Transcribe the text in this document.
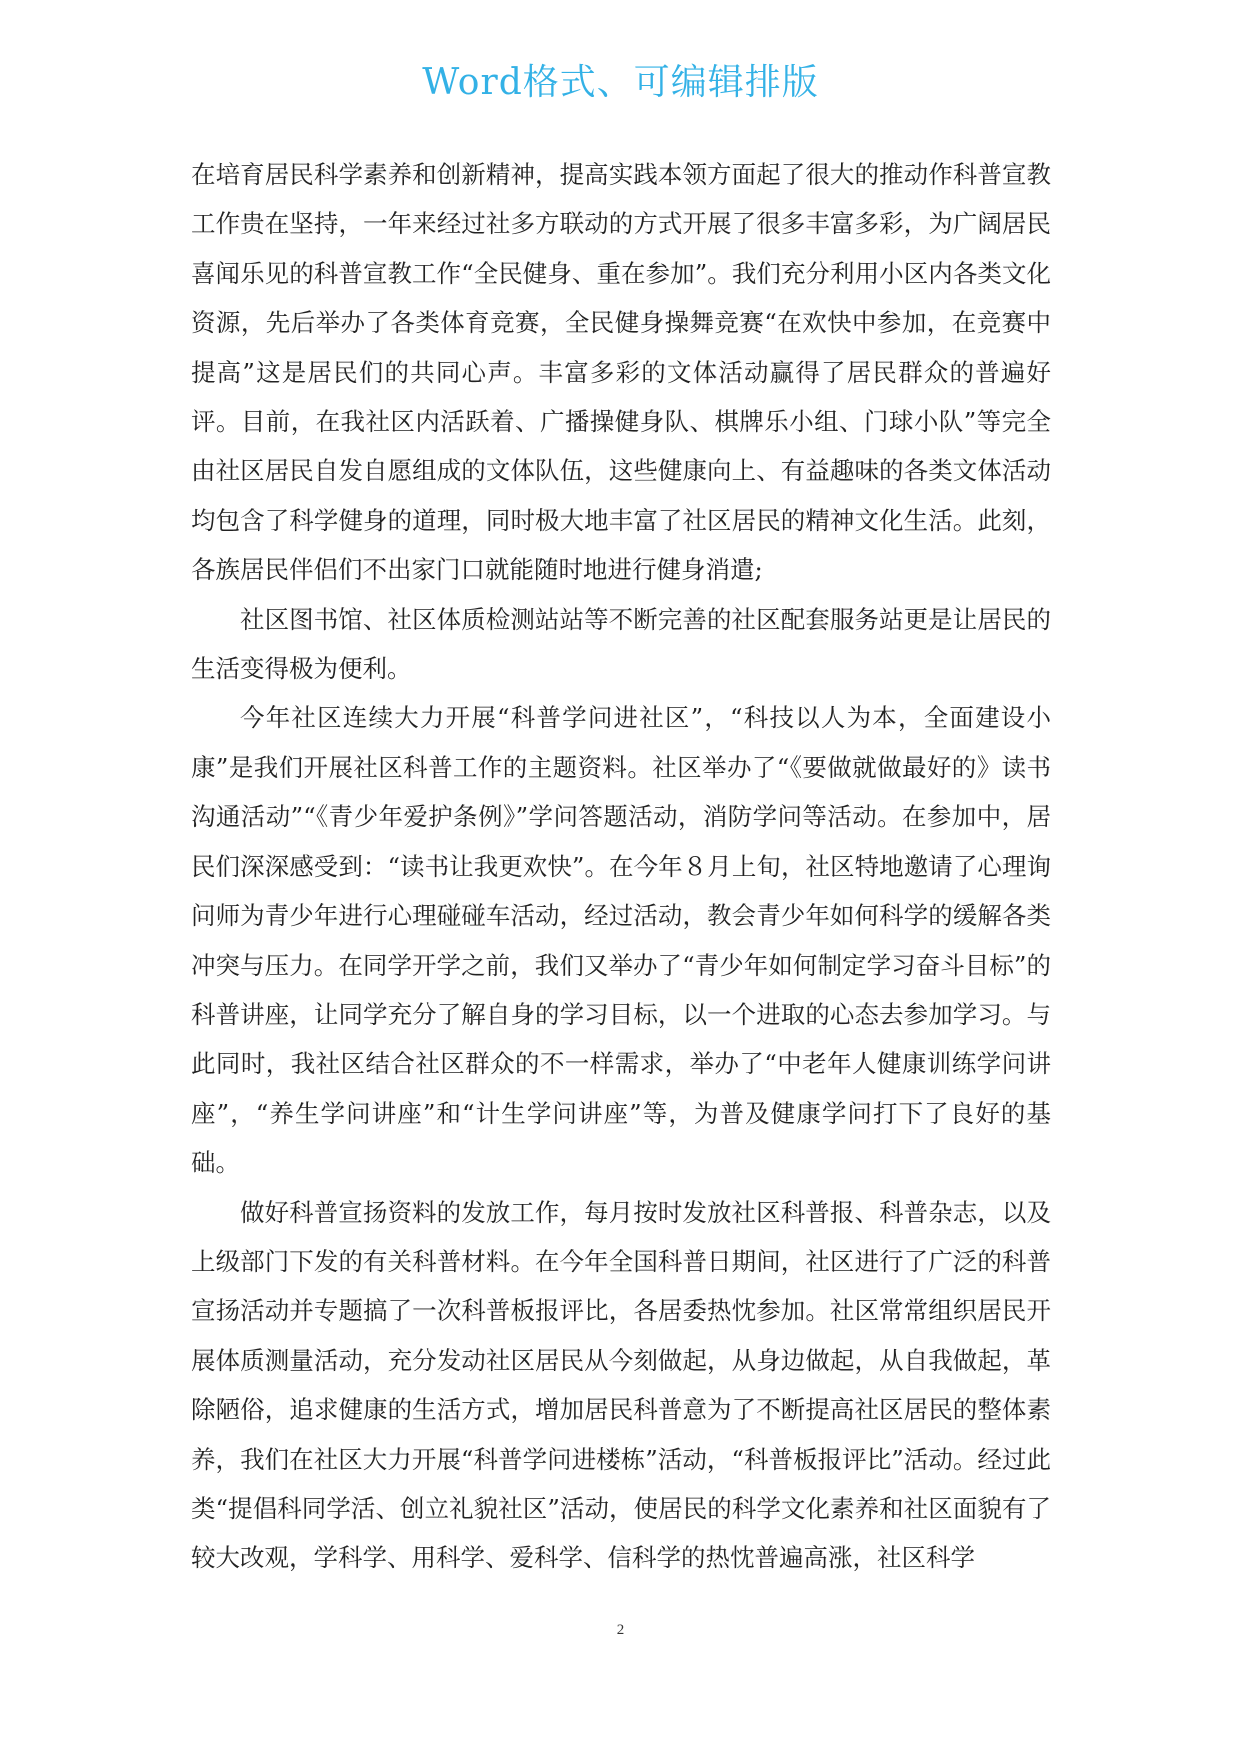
Word格式、可编辑排版

在培育居民科学素养和创新精神，提高实践本领方面起了很大的推动作科普宣教工作贵在坚持，一年来经过社多方联动的方式开展了很多丰富多彩，为广阔居民喜闻乐见的科普宣教工作“全民健身、重在参加”。我们充分利用小区内各类文化资源，先后举办了各类体育竞赛，全民健身操舞竞赛“在欢快中参加，在竞赛中提高”这是居民们的共同心声。丰富多彩的文体活动赢得了居民群众的普遍好评。目前，在我社区内活跃着、广播操健身队、棋牌乐小组、门球小队”等完全由社区居民自发自愿组成的文体队伍，这些健康向上、有益趣味的各类文体活动均包含了科学健身的道理，同时极大地丰富了社区居民的精神文化生活。此刻，各族居民伴侣们不出家门口就能随时地进行健身消遣;

社区图书馆、社区体质检测站站等不断完善的社区配套服务站更是让居民的生活变得极为便利。

今年社区连续大力开展“科普学问进社区”，“科技以人为本，全面建设小康”是我们开展社区科普工作的主题资料。社区举办了“《要做就做最好的》读书沟通活动”“《青少年爱护条例》”学问答题活动，消防学问等活动。在参加中，居民们深深感受到：“读书让我更欢快”。在今年８月上旬，社区特地邀请了心理询问师为青少年进行心理碰碰车活动，经过活动，教会青少年如何科学的缓解各类冲突与压力。在同学开学之前，我们又举办了“青少年如何制定学习奋斗目标”的科普讲座，让同学充分了解自身的学习目标，以一个进取的心态去参加学习。与此同时，我社区结合社区群众的不一样需求，举办了“中老年人健康训练学问讲座”，“养生学问讲座”和“计生学问讲座”等，为普及健康学问打下了良好的基础。

做好科普宣扬资料的发放工作，每月按时发放社区科普报、科普杂志，以及上级部门下发的有关科普材料。在今年全国科普日期间，社区进行了广泛的科普宣扬活动并专题搞了一次科普板报评比，各居委热忱参加。社区常常组织居民开展体质测量活动，充分发动社区居民从今刻做起，从身边做起，从自我做起，革除陋俗，追求健康的生活方式，增加居民科普意为了不断提高社区居民的整体素养，我们在社区大力开展“科普学问进楼栋”活动，“科普板报评比”活动。经过此类“提倡科同学活、创立礼貌社区”活动，使居民的科学文化素养和社区面貌有了较大改观，学科学、用科学、爱科学、信科学的热忱普遍高涨，社区科学

2
